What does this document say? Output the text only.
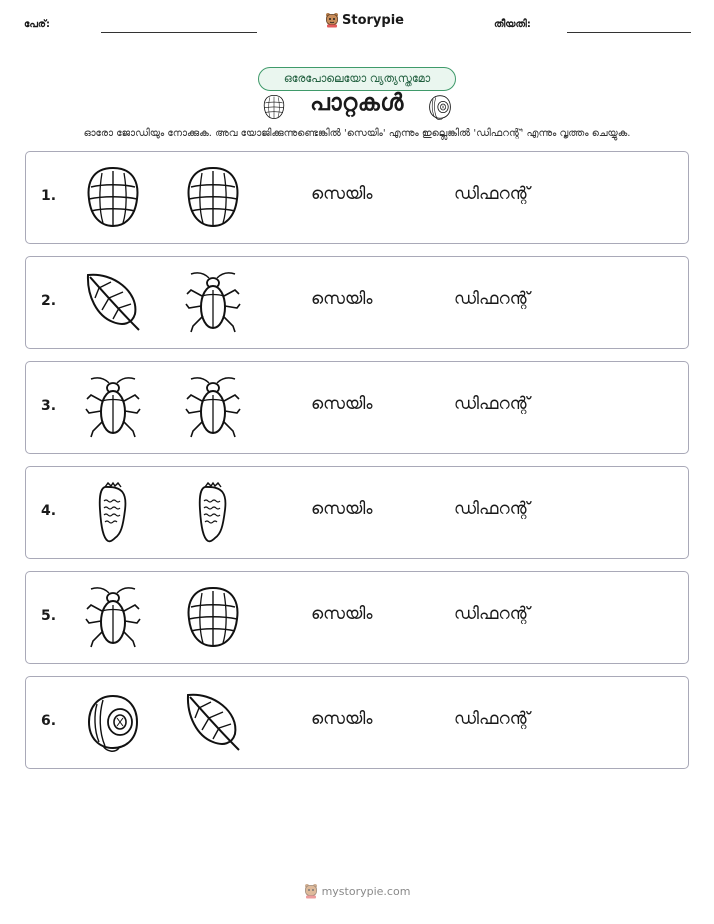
പേര്:	Storypie	തീയതി:
ഒരേപോലെയോ വ്യത്യസ്തമോ
പാറ്റകൾ
ഓരോ ജോഡിയും നോക്കുക. അവ യോജിക്കുന്നുണ്ടെങ്കിൽ 'സെയിം' എന്നും ഇല്ലെങ്കിൽ 'ഡിഫറന്റ്' എന്നും വൃത്തം ചെയ്യുക.
1.	സെയിം	ഡിഫറന്റ്
2.	സെയിം	ഡിഫറന്റ്
3.	സെയിം	ഡിഫറന്റ്
4.	സെയിം	ഡിഫറന്റ്
5.	സെയിം	ഡിഫറന്റ്
6.	സെയിം	ഡിഫറന്റ്
mystorypie.com
